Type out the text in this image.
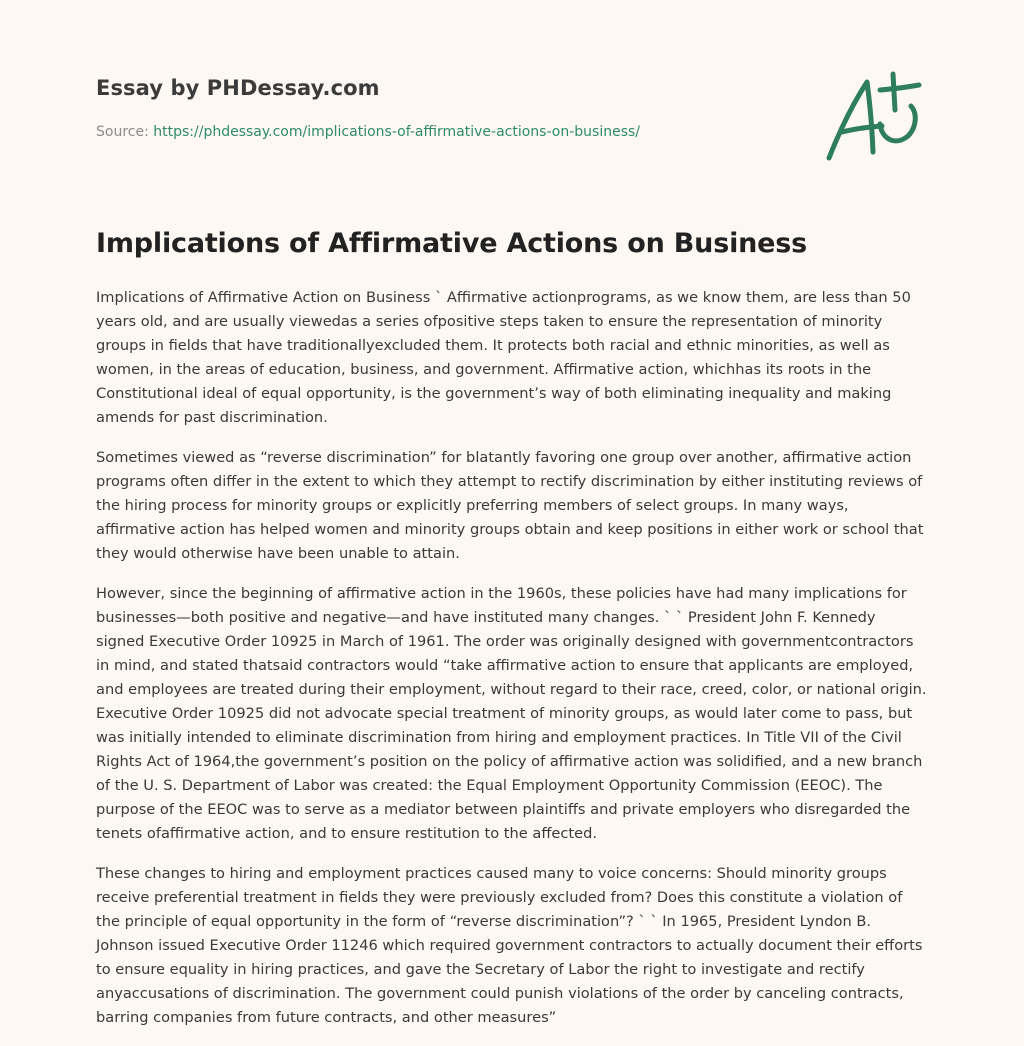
Essay by PHDessay.com
Source: https://phdessay.com/implications-of-affirmative-actions-on-business/
Implications of Affirmative Actions on Business

Implications of Affirmative Action on Business ` Affirmative actionprograms, as we know them, are less than 50 years old, and are usually viewedas a series ofpositive steps taken to ensure the representation of minority groups in fields that have traditionallyexcluded them. It protects both racial and ethnic minorities, as well as women, in the areas of education, business, and government. Affirmative action, whichhas its roots in the Constitutional ideal of equal opportunity, is the government’s way of both eliminating inequality and making amends for past discrimination.

Sometimes viewed as “reverse discrimination” for blatantly favoring one group over another, affirmative action programs often differ in the extent to which they attempt to rectify discrimination by either instituting reviews of the hiring process for minority groups or explicitly preferring members of select groups. In many ways, affirmative action has helped women and minority groups obtain and keep positions in either work or school that they would otherwise have been unable to attain.

However, since the beginning of affirmative action in the 1960s, these policies have had many implications for businesses—both positive and negative—and have instituted many changes. ` ` President John F. Kennedy signed Executive Order 10925 in March of 1961. The order was originally designed with governmentcontractors in mind, and stated thatsaid contractors would “take affirmative action to ensure that applicants are employed, and employees are treated during their employment, without regard to their race, creed, color, or national origin. Executive Order 10925 did not advocate special treatment of minority groups, as would later come to pass, but was initially intended to eliminate discrimination from hiring and employment practices. In Title VII of the Civil Rights Act of 1964,the government’s position on the policy of affirmative action was solidified, and a new branch of the U. S. Department of Labor was created: the Equal Employment Opportunity Commission (EEOC). The purpose of the EEOC was to serve as a mediator between plaintiffs and private employers who disregarded the tenets ofaffirmative action, and to ensure restitution to the affected.

These changes to hiring and employment practices caused many to voice concerns: Should minority groups receive preferential treatment in fields they were previously excluded from? Does this constitute a violation of the principle of equal opportunity in the form of “reverse discrimination”? ` ` In 1965, President Lyndon B. Johnson issued Executive Order 11246 which required government contractors to actually document their efforts to ensure equality in hiring practices, and gave the Secretary of Labor the right to investigate and rectify anyaccusations of discrimination. The government could punish violations of the order by canceling contracts, barring companies from future contracts, and other measures”
